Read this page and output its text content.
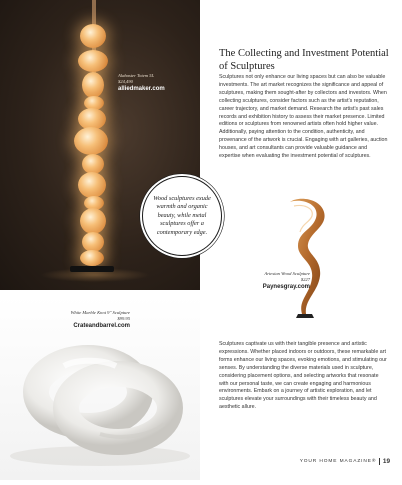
Alabaster Totem 5L
$24,490
alliedmaker.com
The Collecting and Investment Potential of Sculptures

Sculptures not only enhance our living spaces but can also be valuable investments. The art market recognizes the significance and appeal of sculptures, making them sought-after by collectors and investors. When collecting sculptures, consider factors such as the artist’s reputation, career trajectory, and market demand. Research the artist’s past sales records and exhibition history to assess their market presence. Limited editions or sculptures from renowned artists often hold higher value. Additionally, paying attention to the condition, authenticity, and provenance of the artwork is crucial. Engaging with art galleries, auction houses, and art consultants can provide valuable guidance and expertise when evaluating the investment potential of sculptures.

Wood sculptures exude warmth and organic beauty, while metal sculptures offer a contemporary edge.
Artesian Wood Sculpture
$227
Paynesgray.com
White Marble Knot 9" Sculpture
$99.95
Crateandbarrel.com

Sculptures captivate us with their tangible presence and artistic expressions. Whether placed indoors or outdoors, these remarkable art forms enhance our living spaces, evoking emotions, and stimulating our senses. By understanding the diverse materials used in sculpture, considering placement options, and selecting artworks that resonate with our personal taste, we can create engaging and harmonious environments. Embark on a journey of artistic exploration, and let sculptures elevate your surroundings with their timeless beauty and aesthetic allure.

YOUR HOME MAGAZINE® 19
